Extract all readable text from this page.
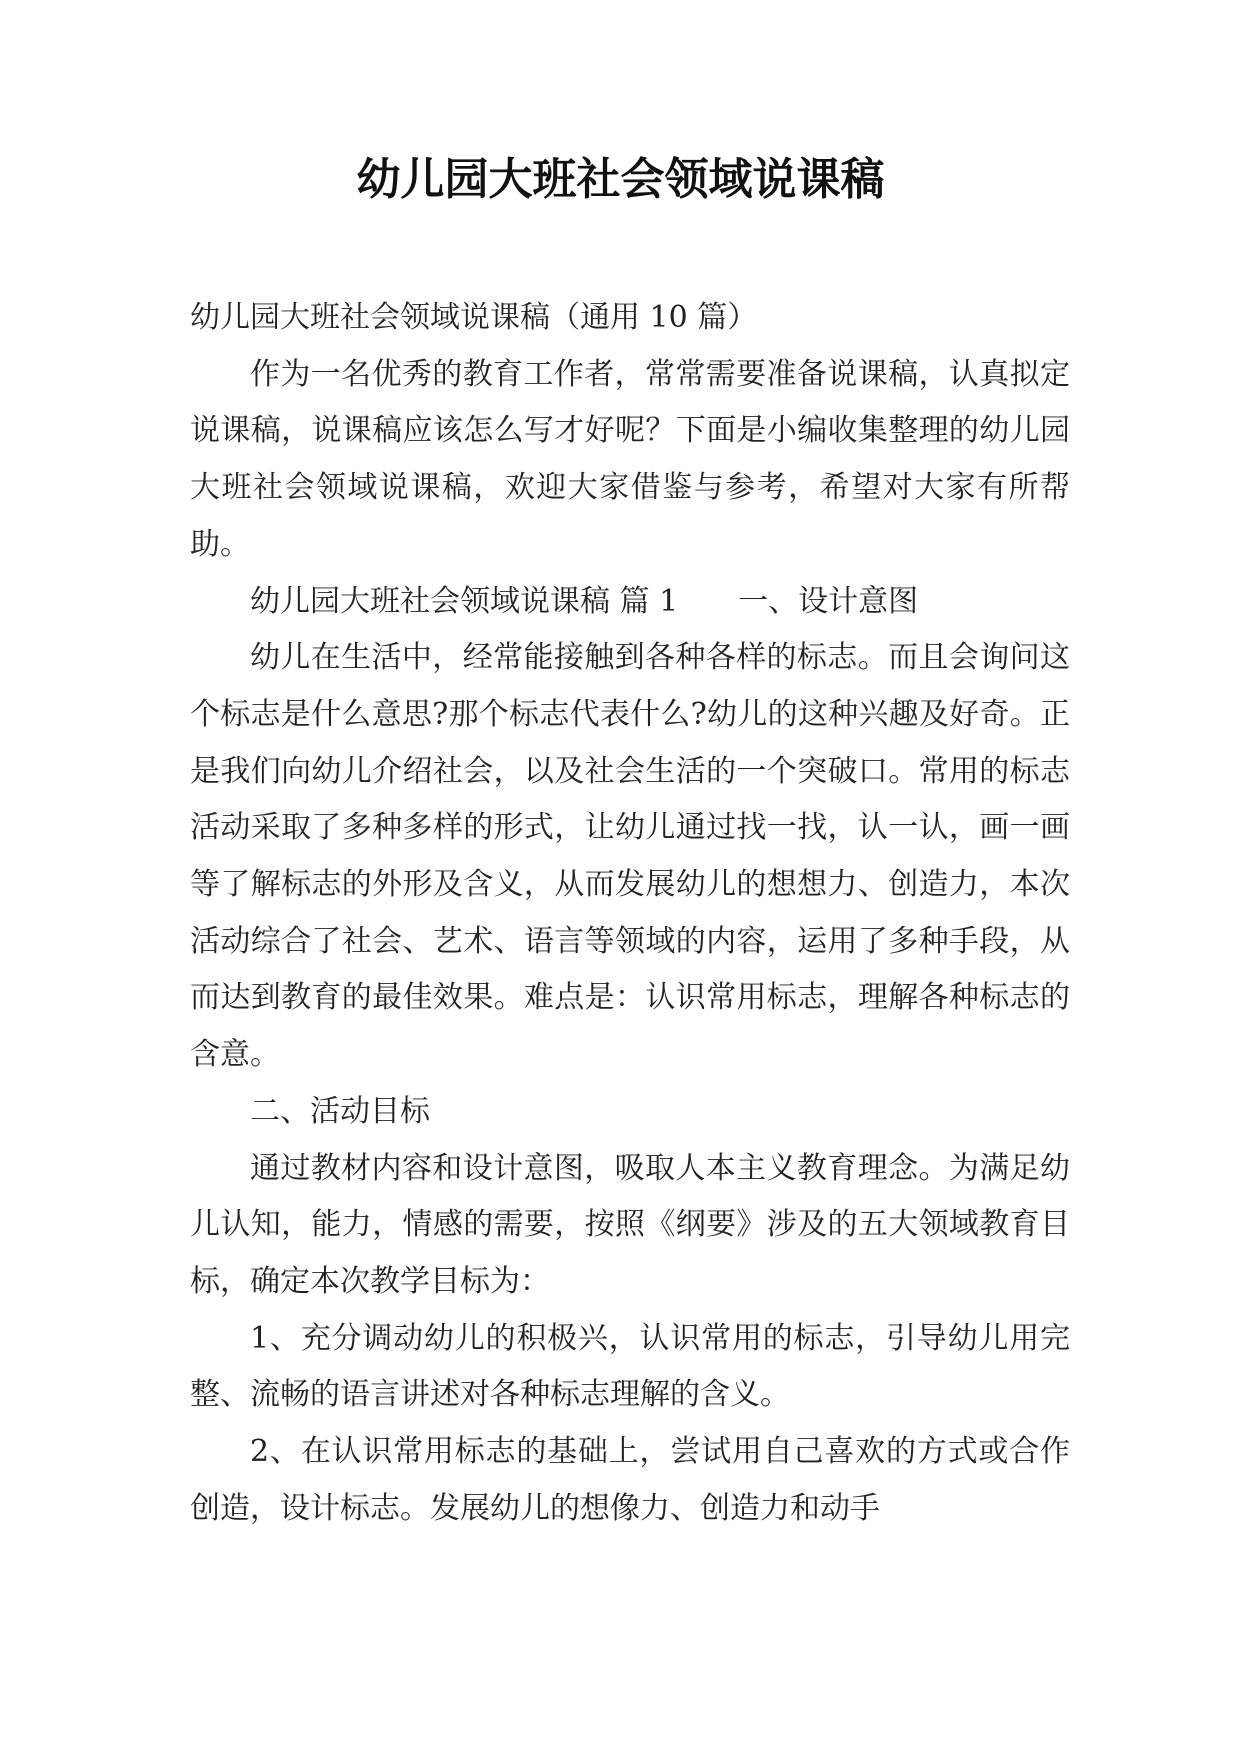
幼儿园大班社会领域说课稿

幼儿园大班社会领域说课稿（通用 10 篇）

作为一名优秀的教育工作者，常常需要准备说课稿，认真拟定说课稿，说课稿应该怎么写才好呢？下面是小编收集整理的幼儿园大班社会领域说课稿，欢迎大家借鉴与参考，希望对大家有所帮助。

幼儿园大班社会领域说课稿 篇 1 一、设计意图

幼儿在生活中，经常能接触到各种各样的标志。而且会询问这个标志是什么意思?那个标志代表什么?幼儿的这种兴趣及好奇。正是我们向幼儿介绍社会，以及社会生活的一个突破口。常用的标志活动采取了多种多样的形式，让幼儿通过找一找，认一认，画一画等了解标志的外形及含义，从而发展幼儿的想想力、创造力，本次活动综合了社会、艺术、语言等领域的内容，运用了多种手段，从而达到教育的最佳效果。难点是：认识常用标志，理解各种标志的含意。

二、活动目标

通过教材内容和设计意图，吸取人本主义教育理念。为满足幼儿认知，能力，情感的需要，按照《纲要》涉及的五大领域教育目标，确定本次教学目标为：

1、充分调动幼儿的积极兴，认识常用的标志，引导幼儿用完整、流畅的语言讲述对各种标志理解的含义。

2、在认识常用标志的基础上，尝试用自己喜欢的方式或合作创造，设计标志。发展幼儿的想像力、创造力和动手
